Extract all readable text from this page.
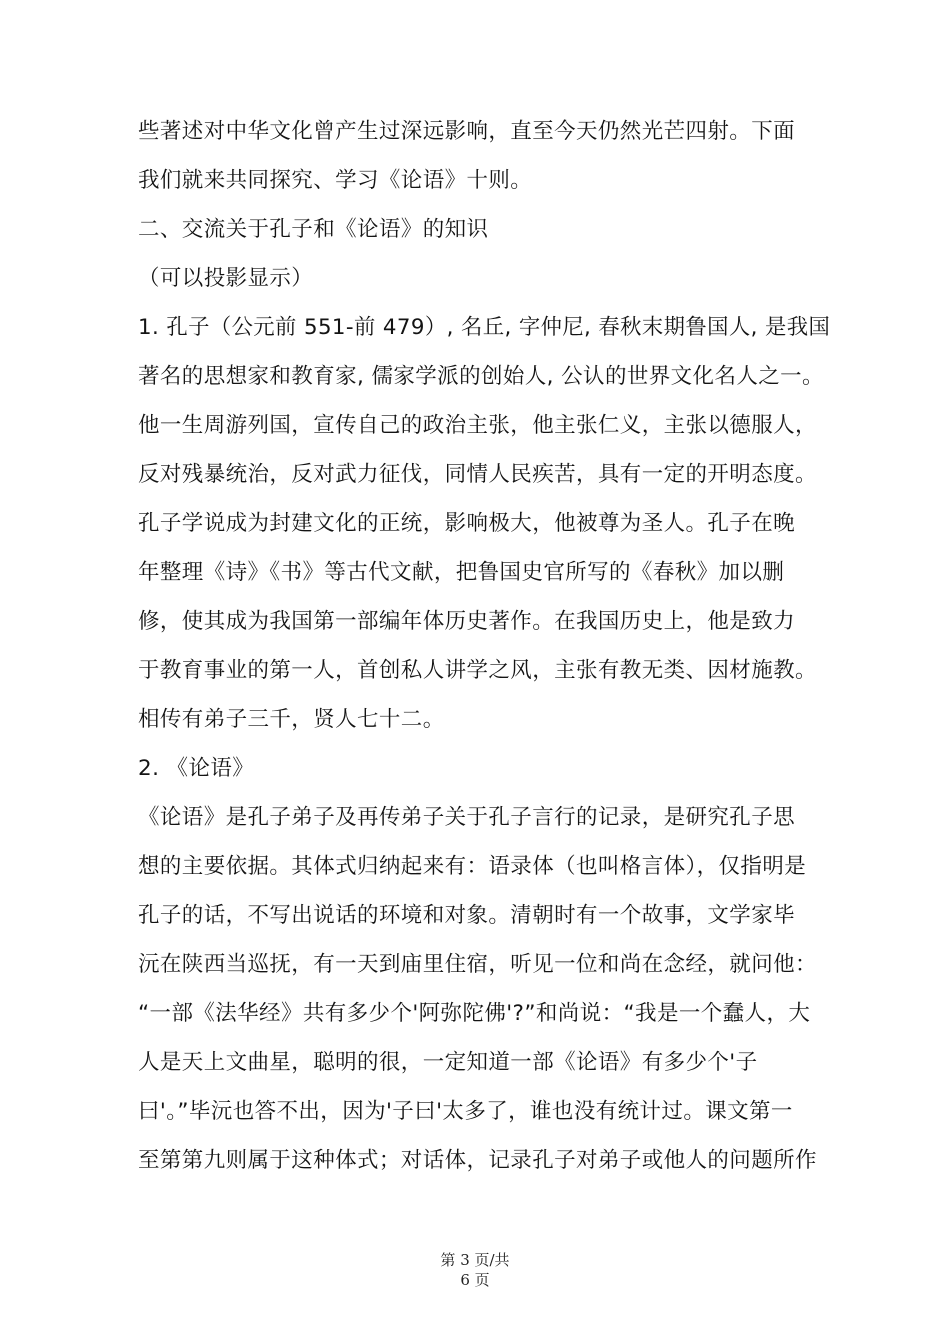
些著述对中华文化曾产生过深远影响，直至今天仍然光芒四射。下面

我们就来共同探究、学习《论语》十则。

二、交流关于孔子和《论语》的知识

（可以投影显示）

1. 孔子（公元前 551-前 479）, 名丘, 字仲尼, 春秋末期鲁国人, 是我国

著名的思想家和教育家, 儒家学派的创始人, 公认的世界文化名人之一。

他一生周游列国，宣传自己的政治主张，他主张仁义，主张以德服人，

反对残暴统治，反对武力征伐，同情人民疾苦，具有一定的开明态度。

孔子学说成为封建文化的正统，影响极大，他被尊为圣人。孔子在晚

年整理《诗》《书》等古代文献，把鲁国史官所写的《春秋》加以删

修，使其成为我国第一部编年体历史著作。在我国历史上，他是致力

于教育事业的第一人，首创私人讲学之风，主张有教无类、因材施教。

相传有弟子三千，贤人七十二。

2. 《论语》

《论语》是孔子弟子及再传弟子关于孔子言行的记录，是研究孔子思

想的主要依据。其体式归纳起来有：语录体（也叫格言体），仅指明是

孔子的话，不写出说话的环境和对象。清朝时有一个故事，文学家毕

沅在陕西当巡抚，有一天到庙里住宿，听见一位和尚在念经，就问他：

“一部《法华经》共有多少个'阿弥陀佛'?”和尚说：“我是一个蠢人，大

人是天上文曲星，聪明的很，一定知道一部《论语》有多少个'子

曰'。”毕沅也答不出，因为'子曰'太多了，谁也没有统计过。课文第一

至第第九则属于这种体式；对话体，记录孔子对弟子或他人的问题所作

第 3 页/共

6 页
